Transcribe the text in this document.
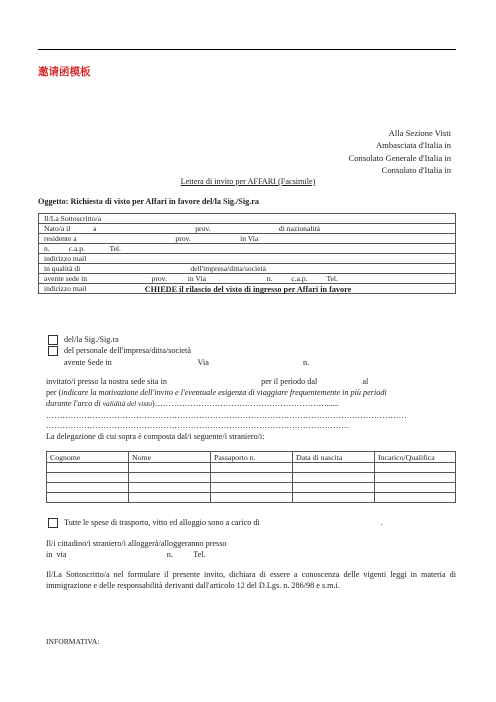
邀请函模板
Alla Sezione Visti
Ambasciata d'Italia in
Consolato Generale d'Italia in
Consolato d'Italia in
Lettera di invito per AFFARI (Facsimile)
Oggetto: Richiesta di visto per Affari in favore del/la Sig./Sig.ra
Il/La Sottoscritto/a
Nato/a il            a                                                    prov.                                    di nazionalità
residente a                                                    prov.                          in Via
n.          c.a.p.             Tel.
indirizzo mail
in qualità di                                                          dell'impresa/ditta/società
avente sede in                                  prov.           in Via                                n.          c.a.p.          Tel.
indirizzo mail	CHIEDE il rilascio del visto di ingresso per Affari in favore
del/la Sig./Sig.ra
del personale dell'impresa/ditta/società
avente Sede in                                          Via                                              n.
invitato/i presso la nostra sede sita in                                              per il periodo dal                      al
per (indicare la motivazione dell'invito e l'eventuale esigenza di viaggiare frequentemente in più periodi
durante l'arco di validità del visto)………………………………………………………......
……………………………………………………………………………………………………………………
…………………………………………………………………………………………………
La delegazione di cui sopra è composta dal/i seguente/i straniero/i:
Cognome	Nome	Passaporto n.	Data di nascita	Incarico/Qualifica

Tutte le spese di trasporto, vitto ed alloggio sono a carico di                                                           .
Il/i cittadino/i straniero/i alloggerà/alloggeranno presso
in  via                                                 n.          Tel.
Il/La Sottoscritto/a nel formulare il presente invito, dichiara di essere a conoscenza delle vigenti leggi in materia di immigrazione e delle responsabilità derivanti dall'articolo 12 del D.Lgs. n. 286/98 e s.m.i.
INFORMATIVA:
